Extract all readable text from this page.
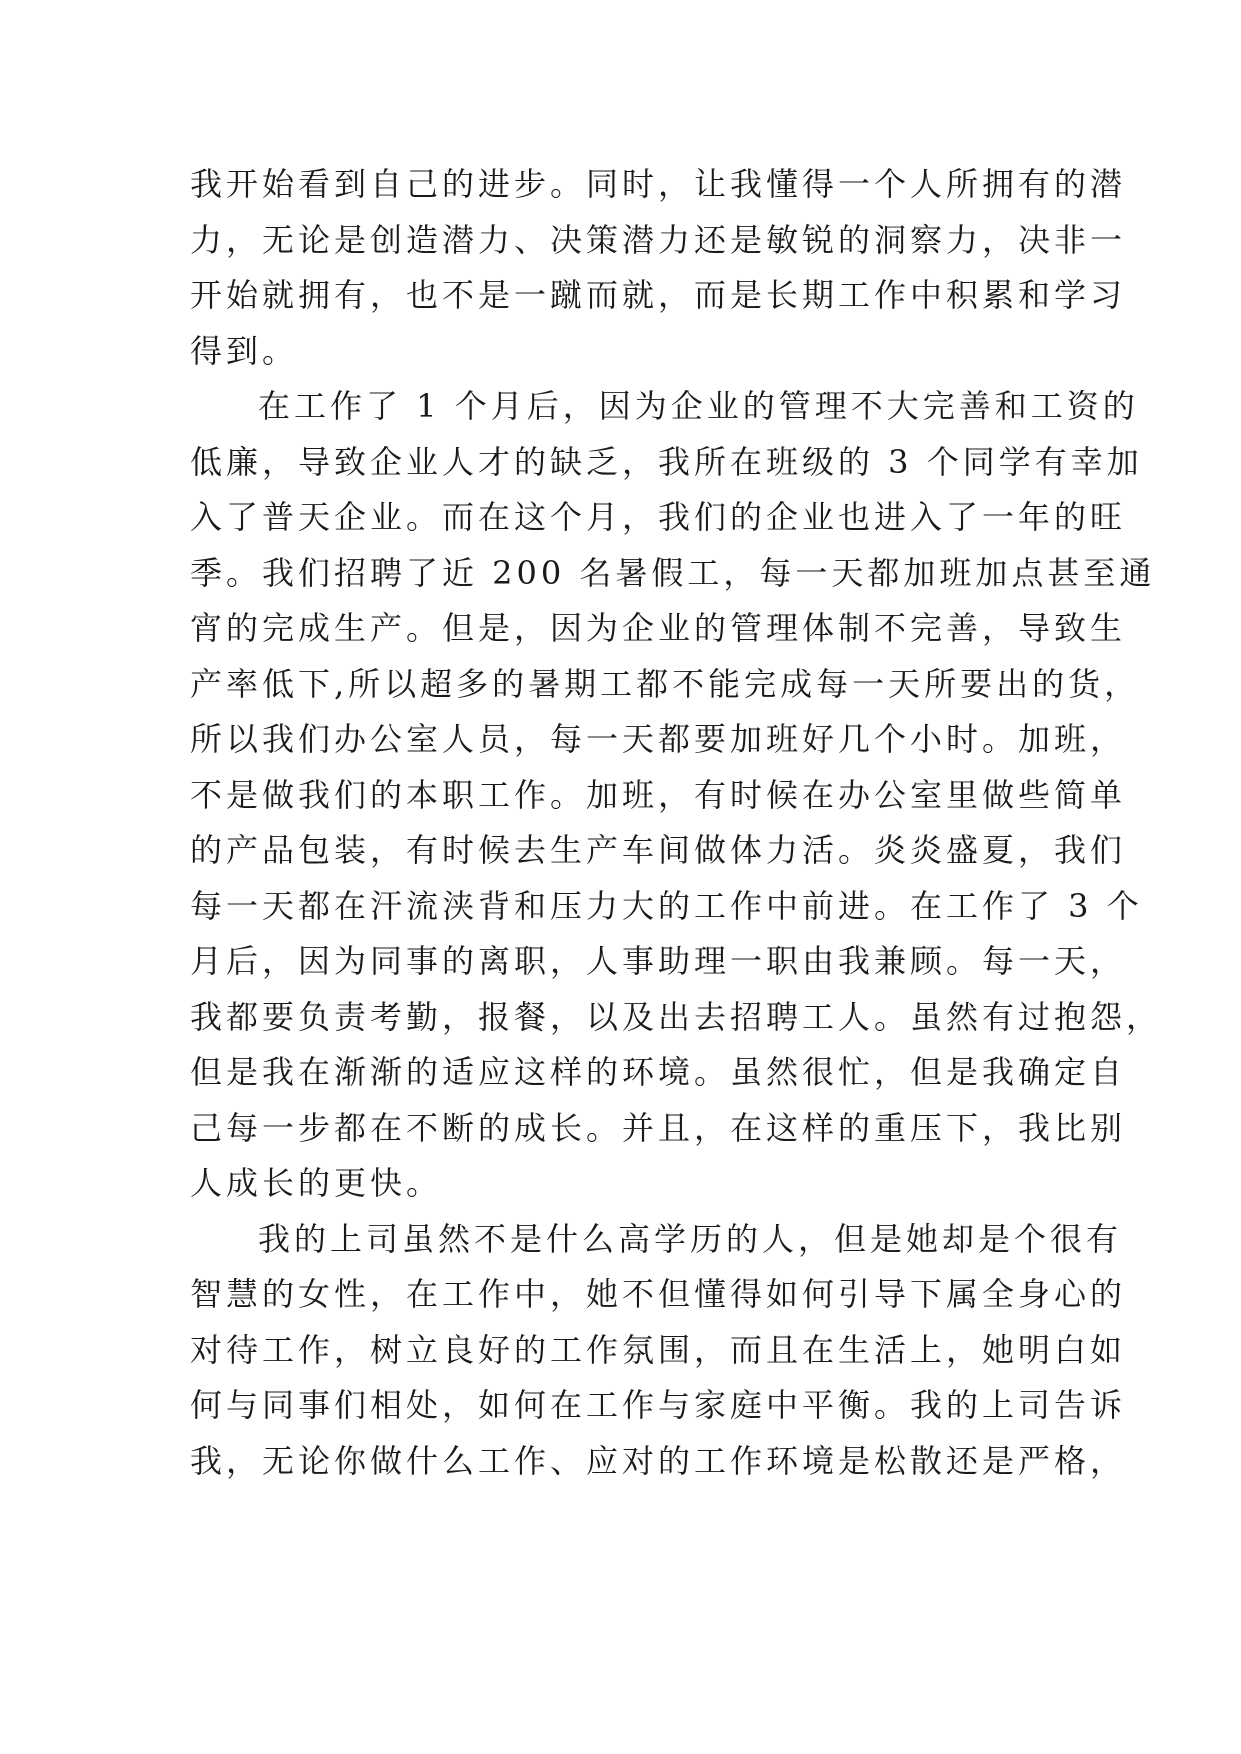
我开始看到自己的进步。同时，让我懂得一个人所拥有的潜
力，无论是创造潜力、决策潜力还是敏锐的洞察力，决非一
开始就拥有，也不是一蹴而就，而是长期工作中积累和学习
得到。
在工作了 1 个月后，因为企业的管理不大完善和工资的
低廉，导致企业人才的缺乏，我所在班级的 3 个同学有幸加
入了普天企业。而在这个月，我们的企业也进入了一年的旺
季。我们招聘了近 200 名暑假工，每一天都加班加点甚至通
宵的完成生产。但是，因为企业的管理体制不完善，导致生
产率低下,所以超多的暑期工都不能完成每一天所要出的货，
所以我们办公室人员，每一天都要加班好几个小时。加班，
不是做我们的本职工作。加班，有时候在办公室里做些简单
的产品包装，有时候去生产车间做体力活。炎炎盛夏，我们
每一天都在汗流浃背和压力大的工作中前进。在工作了 3 个
月后，因为同事的离职，人事助理一职由我兼顾。每一天，
我都要负责考勤，报餐，以及出去招聘工人。虽然有过抱怨，
但是我在渐渐的适应这样的环境。虽然很忙，但是我确定自
己每一步都在不断的成长。并且，在这样的重压下，我比别
人成长的更快。
我的上司虽然不是什么高学历的人，但是她却是个很有
智慧的女性，在工作中，她不但懂得如何引导下属全身心的
对待工作，树立良好的工作氛围，而且在生活上，她明白如
何与同事们相处，如何在工作与家庭中平衡。我的上司告诉
我，无论你做什么工作、应对的工作环境是松散还是严格，
